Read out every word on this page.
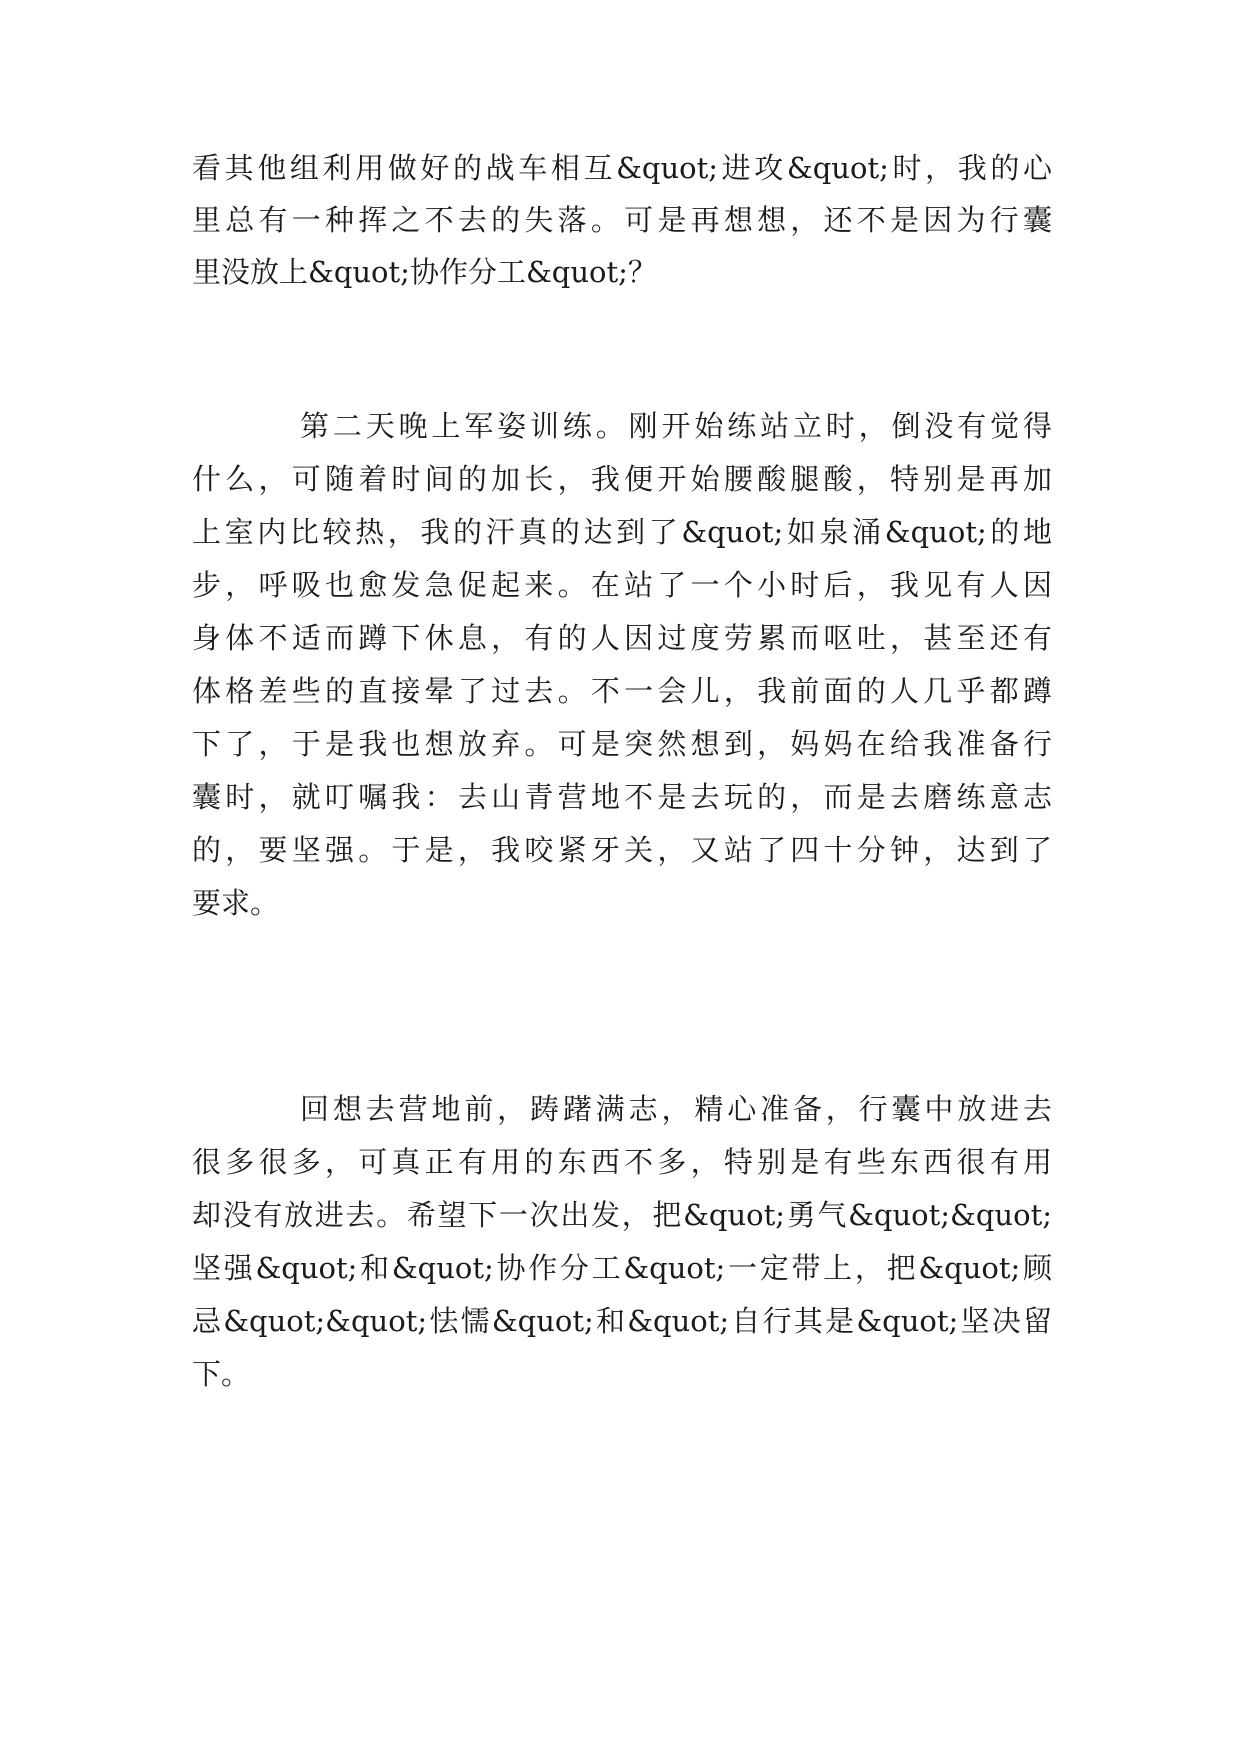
看其他组利用做好的战车相互&quot;进攻&quot;时，我的心
里总有一种挥之不去的失落。可是再想想，还不是因为行囊
里没放上&quot;协作分工&quot;？
第二天晚上军姿训练。刚开始练站立时，倒没有觉得
什么，可随着时间的加长，我便开始腰酸腿酸，特别是再加
上室内比较热，我的汗真的达到了&quot;如泉涌&quot;的地
步，呼吸也愈发急促起来。在站了一个小时后，我见有人因
身体不适而蹲下休息，有的人因过度劳累而呕吐，甚至还有
体格差些的直接晕了过去。不一会儿，我前面的人几乎都蹲
下了，于是我也想放弃。可是突然想到，妈妈在给我准备行
囊时，就叮嘱我：去山青营地不是去玩的，而是去磨练意志
的，要坚强。于是，我咬紧牙关，又站了四十分钟，达到了
要求。
回想去营地前，踌躇满志，精心准备，行囊中放进去
很多很多，可真正有用的东西不多，特别是有些东西很有用
却没有放进去。希望下一次出发，把&quot;勇气&quot;&quot;
坚强&quot;和&quot;协作分工&quot;一定带上，把&quot;顾
忌&quot;&quot;怯懦&quot;和&quot;自行其是&quot;坚决留
下。
